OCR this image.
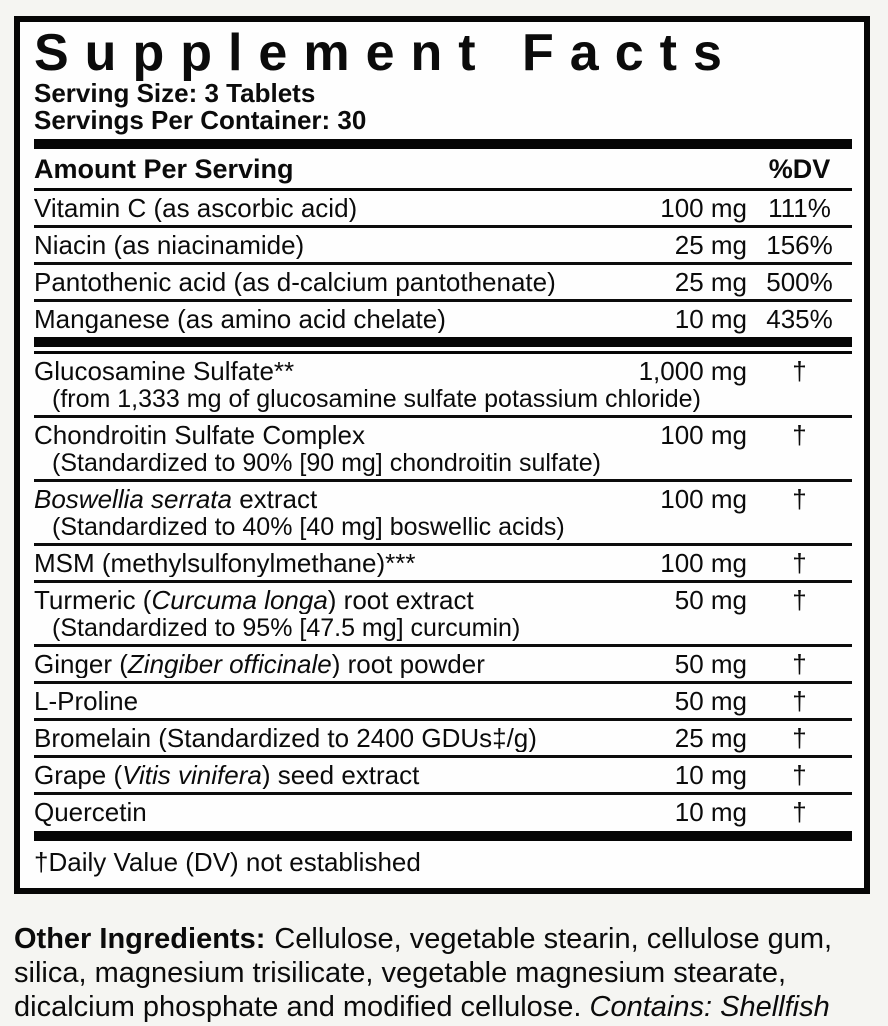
Supplement Facts
Serving Size: 3 Tablets
Servings Per Container: 30
Amount Per Serving	%DV
Vitamin C (as ascorbic acid)	100 mg 111%
Niacin (as niacinamide)	25 mg 156%
Pantothenic acid (as d-calcium pantothenate)	25 mg 500%
Manganese (as amino acid chelate)	10 mg 435%
Glucosamine Sulfate**	1,000 mg	†
(from 1,333 mg of glucosamine sulfate potassium chloride)
Chondroitin Sulfate Complex	100 mg	†
(Standardized to 90% [90 mg] chondroitin sulfate)
Boswellia serrata extract	100 mg	†
(Standardized to 40% [40 mg] boswellic acids)
MSM (methylsulfonylmethane)***	100 mg	†
Turmeric (Curcuma longa) root extract	50 mg	†
(Standardized to 95% [47.5 mg] curcumin)
Ginger (Zingiber officinale) root powder	50 mg	†
L-Proline	50 mg	†
Bromelain (Standardized to 2400 GDUs‡/g)	25 mg	†
Grape (Vitis vinifera) seed extract	10 mg	†
Quercetin	10 mg	†
†Daily Value (DV) not established
Other Ingredients: Cellulose, vegetable stearin, cellulose gum, silica, magnesium trisilicate, vegetable magnesium stearate, dicalcium phosphate and modified cellulose. Contains: Shellfish
